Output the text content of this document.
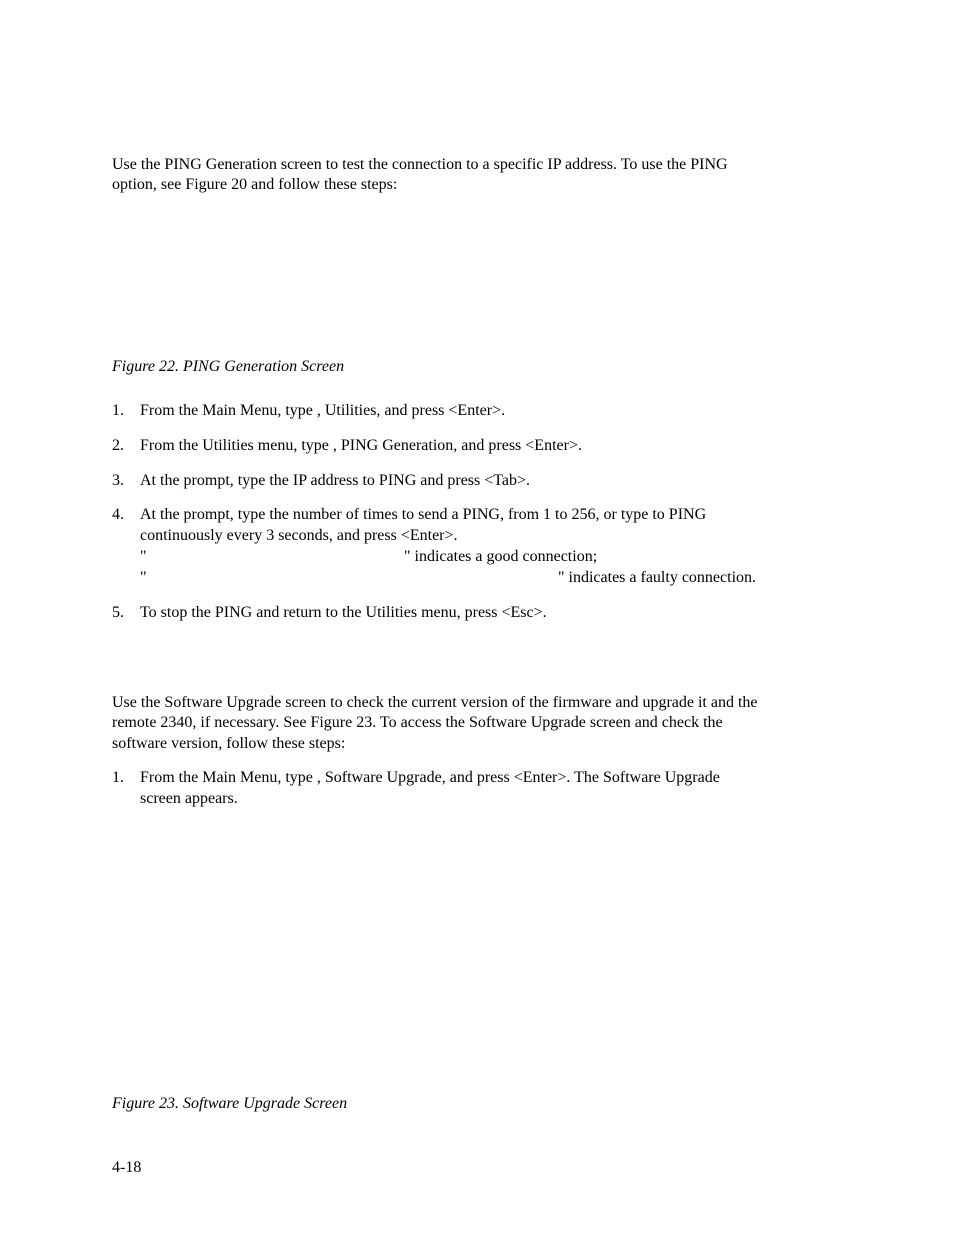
Use the PING Generation screen to test the connection to a specific IP address. To use the PING
option, see Figure 20 and follow these steps:
Figure 22. PING Generation Screen
1. From the Main Menu, type , Utilities, and press <Enter>.
2. From the Utilities menu, type , PING Generation, and press <Enter>.
3. At the prompt, type the IP address to PING and press <Tab>.
4. At the prompt, type the number of times to send a PING, from 1 to 256, or type to PING
continuously every 3 seconds, and press <Enter>.
"	" indicates a good connection;
"	" indicates a faulty connection.
5. To stop the PING and return to the Utilities menu, press <Esc>.
Use the Software Upgrade screen to check the current version of the firmware and upgrade it and the
remote 2340, if necessary. See Figure 23. To access the Software Upgrade screen and check the
software version, follow these steps:
1. From the Main Menu, type , Software Upgrade, and press <Enter>. The Software Upgrade
screen appears.
Figure 23. Software Upgrade Screen
4-18
